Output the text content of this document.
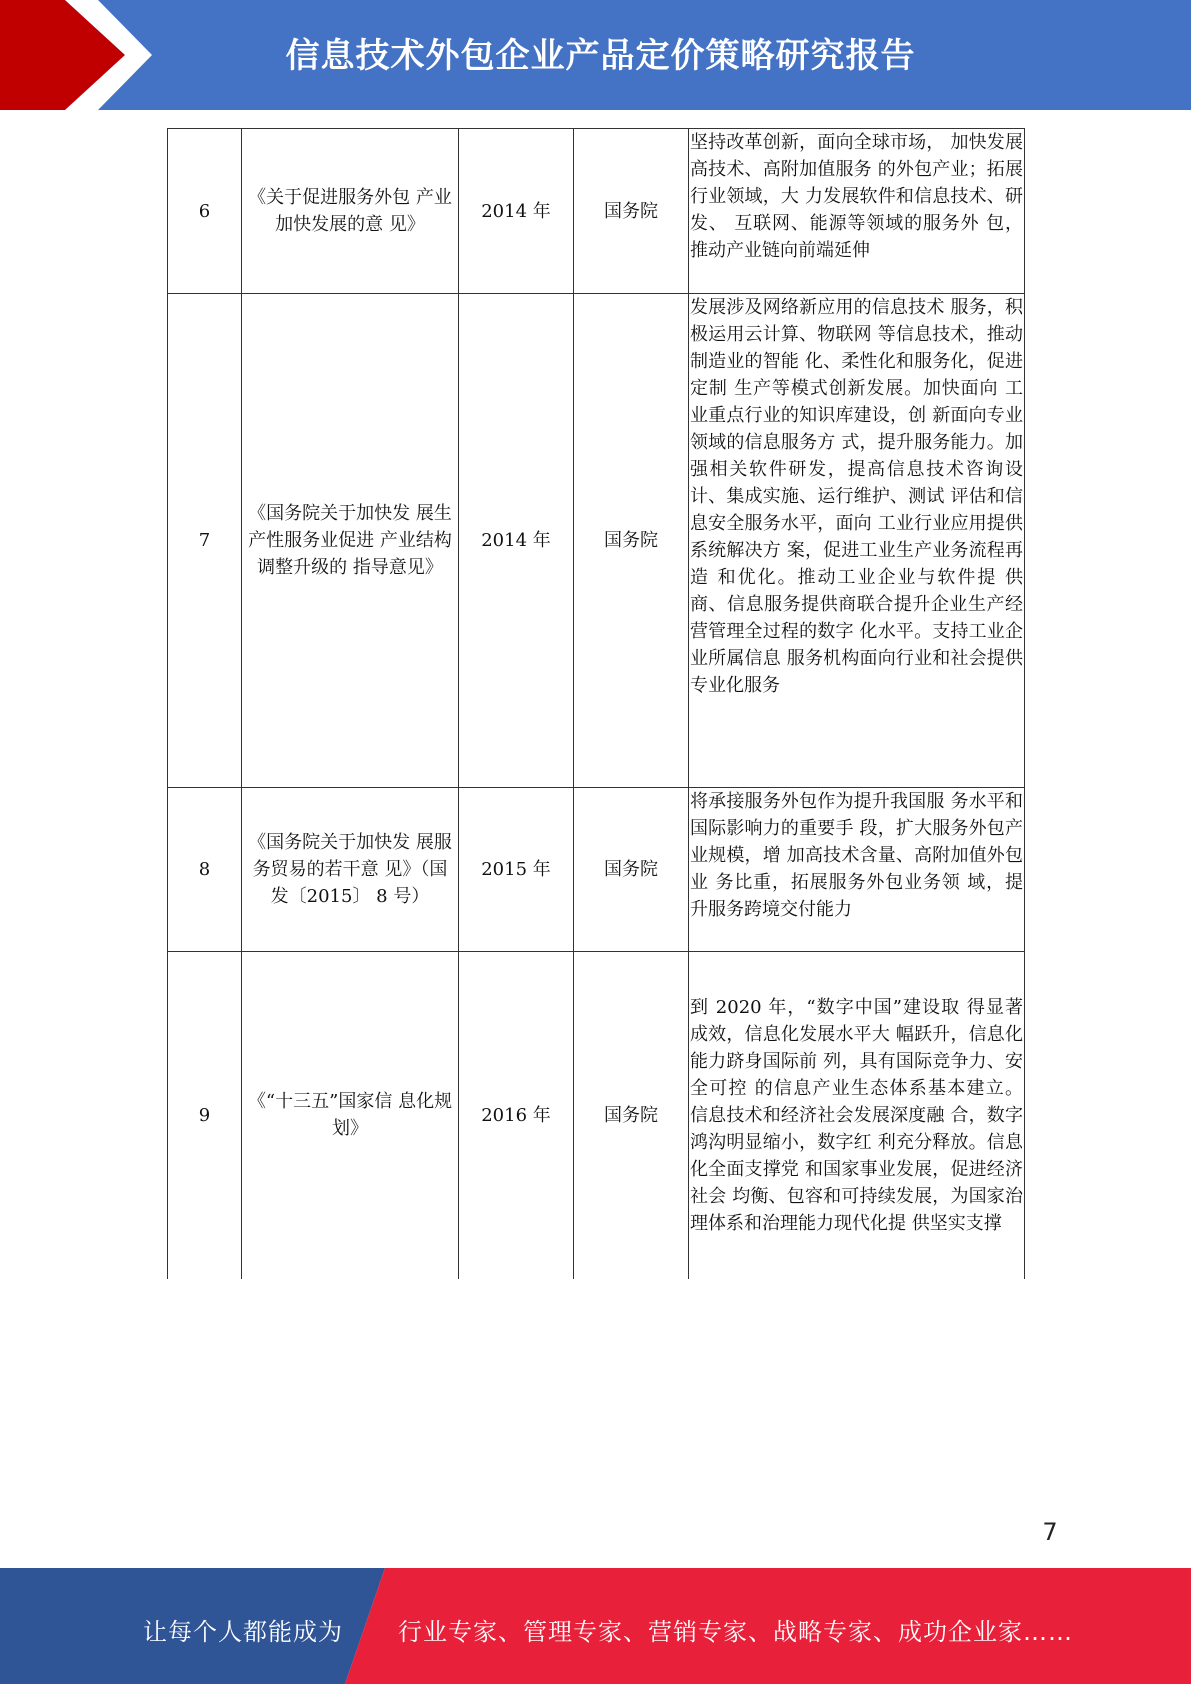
信息技术外包企业产品定价策略研究报告
6	《关于促进服务外包 产业加快发展的意 见》	2014 年	国务院	坚持改革创新，面向全球市场， 加快发展高技术、高附加值服务 的外包产业；拓展行业领域，大 力发展软件和信息技术、研发、 互联网、能源等领域的服务外 包，推动产业链向前端延伸

7	《国务院关于加快发 展生产性服务业促进 产业结构调整升级的 指导意见》	2014 年	国务院	发展涉及网络新应用的信息技术 服务，积极运用云计算、物联网 等信息技术，推动制造业的智能 化、柔性化和服务化，促进定制 生产等模式创新发展。加快面向 工业重点行业的知识库建设，创 新面向专业领域的信息服务方 式，提升服务能力。加强相关软件研发，提高信息技术咨询设 计、集成实施、运行维护、测试 评估和信息安全服务水平，面向 工业行业应用提供系统解决方 案，促进工业生产业务流程再造 和优化。推动工业企业与软件提 供商、信息服务提供商联合提升企业生产经营管理全过程的数字 化水平。支持工业企业所属信息 服务机构面向行业和社会提供专业化服务

8	《国务院关于加快发 展服务贸易的若干意 见》（国发〔2015〕 8 号）	2015 年	国务院	将承接服务外包作为提升我国服 务水平和国际影响力的重要手 段，扩大服务外包产业规模，增 加高技术含量、高附加值外包业 务比重，拓展服务外包业务领 域，提升服务跨境交付能力

9	《“十三五”国家信 息化规划》	2016 年	国务院	到 2020 年，“数字中国”建设取 得显著成效，信息化发展水平大 幅跃升，信息化能力跻身国际前 列，具有国际竞争力、安全可控 的信息产业生态体系基本建立。 信息技术和经济社会发展深度融 合，数字鸿沟明显缩小，数字红 利充分释放。信息化全面支撑党 和国家事业发展，促进经济社会 均衡、包容和可持续发展，为国家治理体系和治理能力现代化提 供坚实支撑
7
让每个人都能成为 行业专家、管理专家、营销专家、战略专家、成功企业家……
